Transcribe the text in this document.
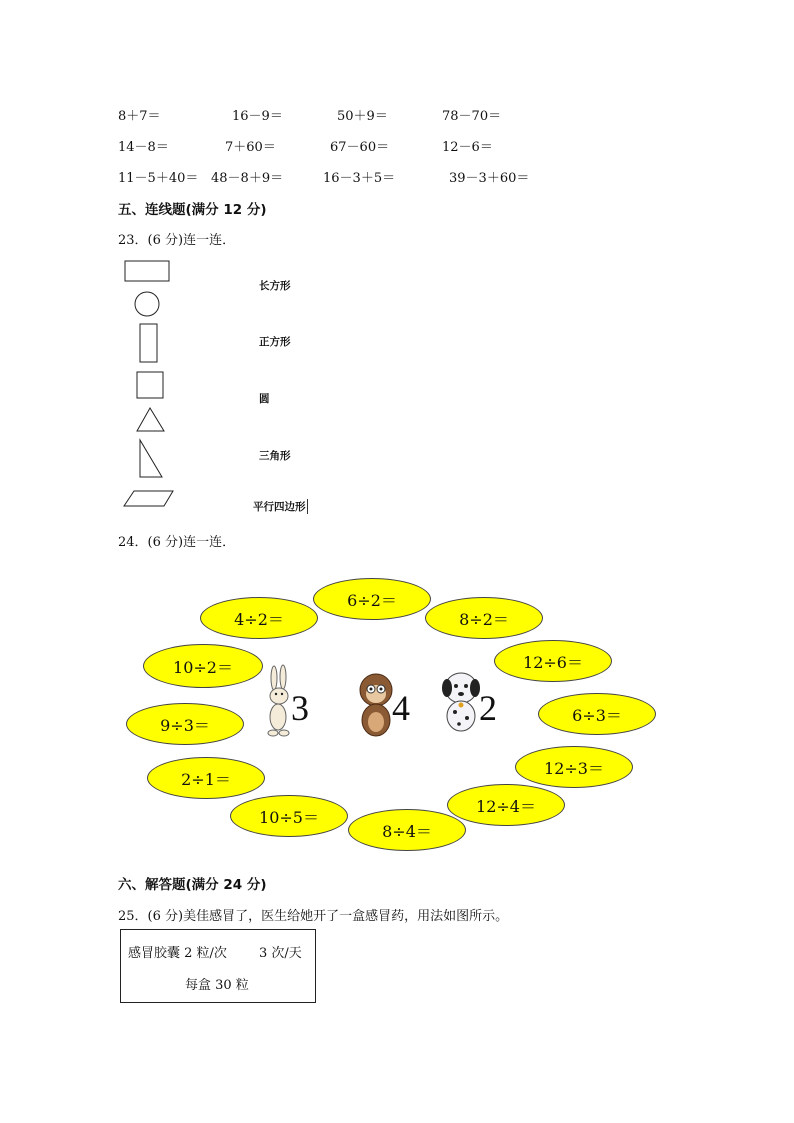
8＋7＝	16－9＝	50＋9＝	78－70＝
14－8＝	7＋60＝	67－60＝	12－6＝
11－5＋40＝ 48－8＋9＝	16－3＋5＝	39－3＋60＝
五、连线题(满分 12 分)
23．(6 分)连一连．
长方形
正方形
圆
三角形
平行四边形
24．(6 分)连一连．
4÷2＝
6÷2＝
8÷2＝
10÷2＝	12÷6＝
9÷3＝
6÷3＝
2÷1＝
12÷3＝
10÷5＝
12÷4＝
8÷4＝
3 4 2
六、解答题(满分 24 分)
25．(6 分)美佳感冒了，医生给她开了一盒感冒药，用法如图所示。
感冒胶囊 2 粒/次 3 次/天
每盒 30 粒
